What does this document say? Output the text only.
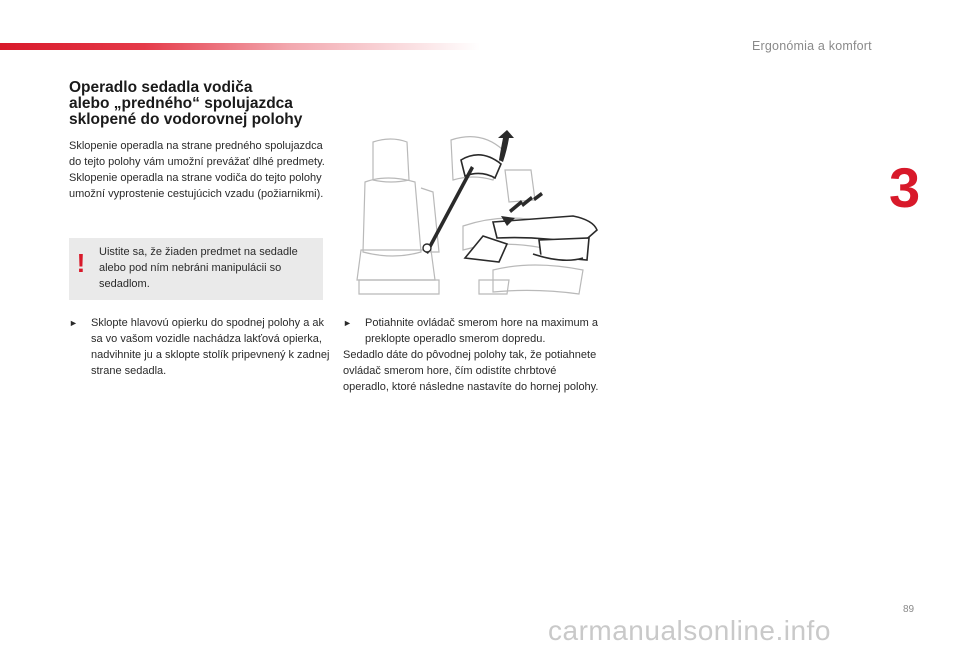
Ergonómia a komfort
3
Operadlo sedadla vodiča
alebo „predného“ spolujazdca
sklopené do vodorovnej polohy

Sklopenie operadla na strane predného spolujazdca do tejto polohy vám umožní prevážať dlhé predmety.

Sklopenie operadla na strane vodiča do tejto polohy umožní vyprostenie cestujúcich vzadu (požiarnikmi).

! Uistite sa, že žiaden predmet na sedadle alebo pod ním nebráni manipulácii so sedadlom.
► Sklopte hlavovú opierku do spodnej polohy a ak sa vo vašom vozidle nachádza lakťová opierka, nadvihnite ju a sklopte stolík pripevnený k zadnej strane sedadla.
► Potiahnite ovládač smerom hore na maximum a preklopte operadlo smerom dopredu.

Sedadlo dáte do pôvodnej polohy tak, že potiahnete ovládač smerom hore, čím odistíte chrbtové operadlo, ktoré následne nastavíte do hornej polohy.

89
carmanualsonline.info
